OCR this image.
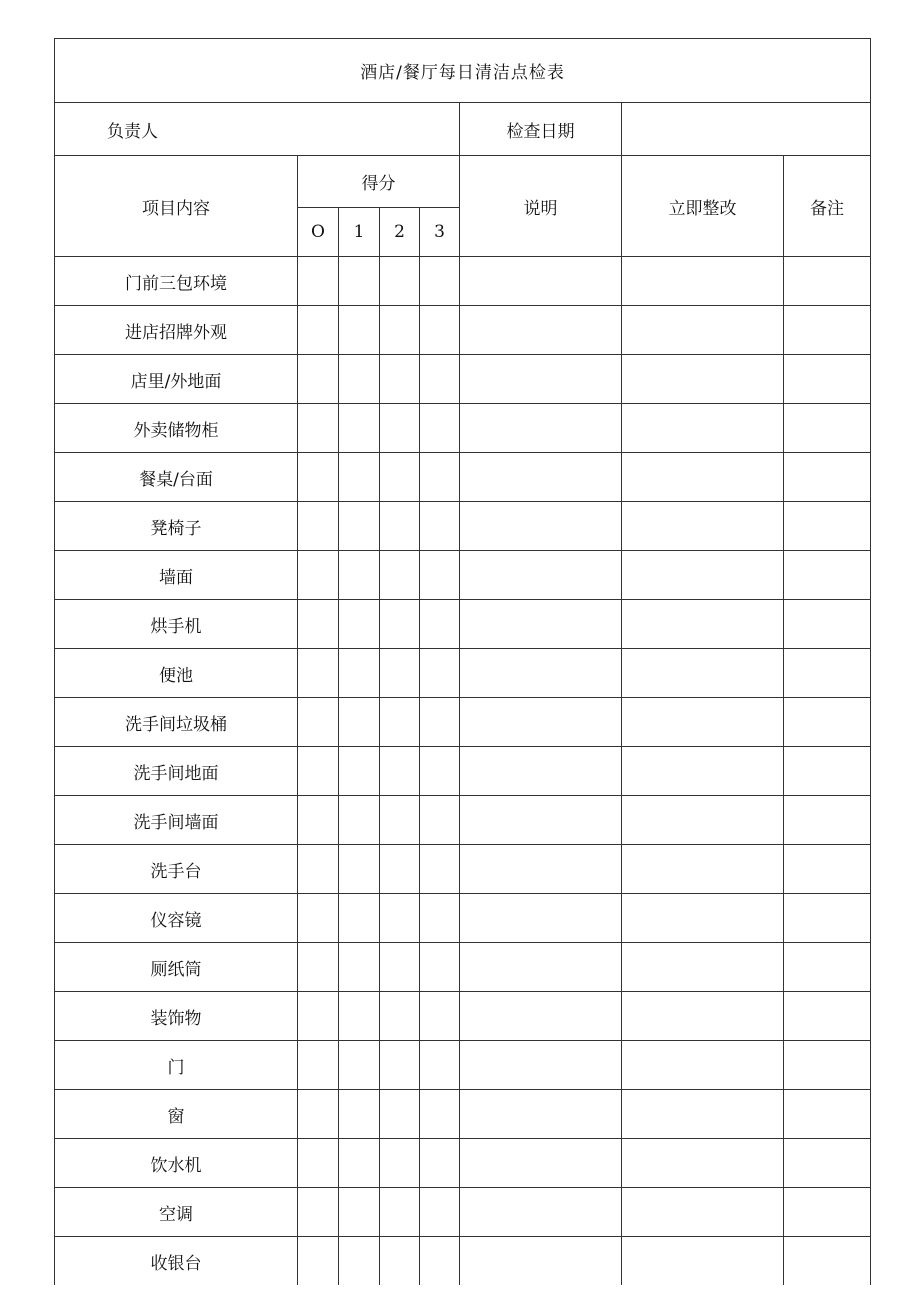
酒店/餐厅每日清洁点检表							
负责人					检查日期		
项目内容	得分				说明	立即整改	备注
	O	1	2	3			
门前三包环境							
进店招牌外观							
店里/外地面							
外卖储物柜							
餐桌/台面							
凳椅子							
墙面							
烘手机							
便池							
洗手间垃圾桶							
洗手间地面							
洗手间墙面							
洗手台							
仪容镜							
厕纸筒							
装饰物							
门							
窗							
饮水机							
空调							
收银台							
